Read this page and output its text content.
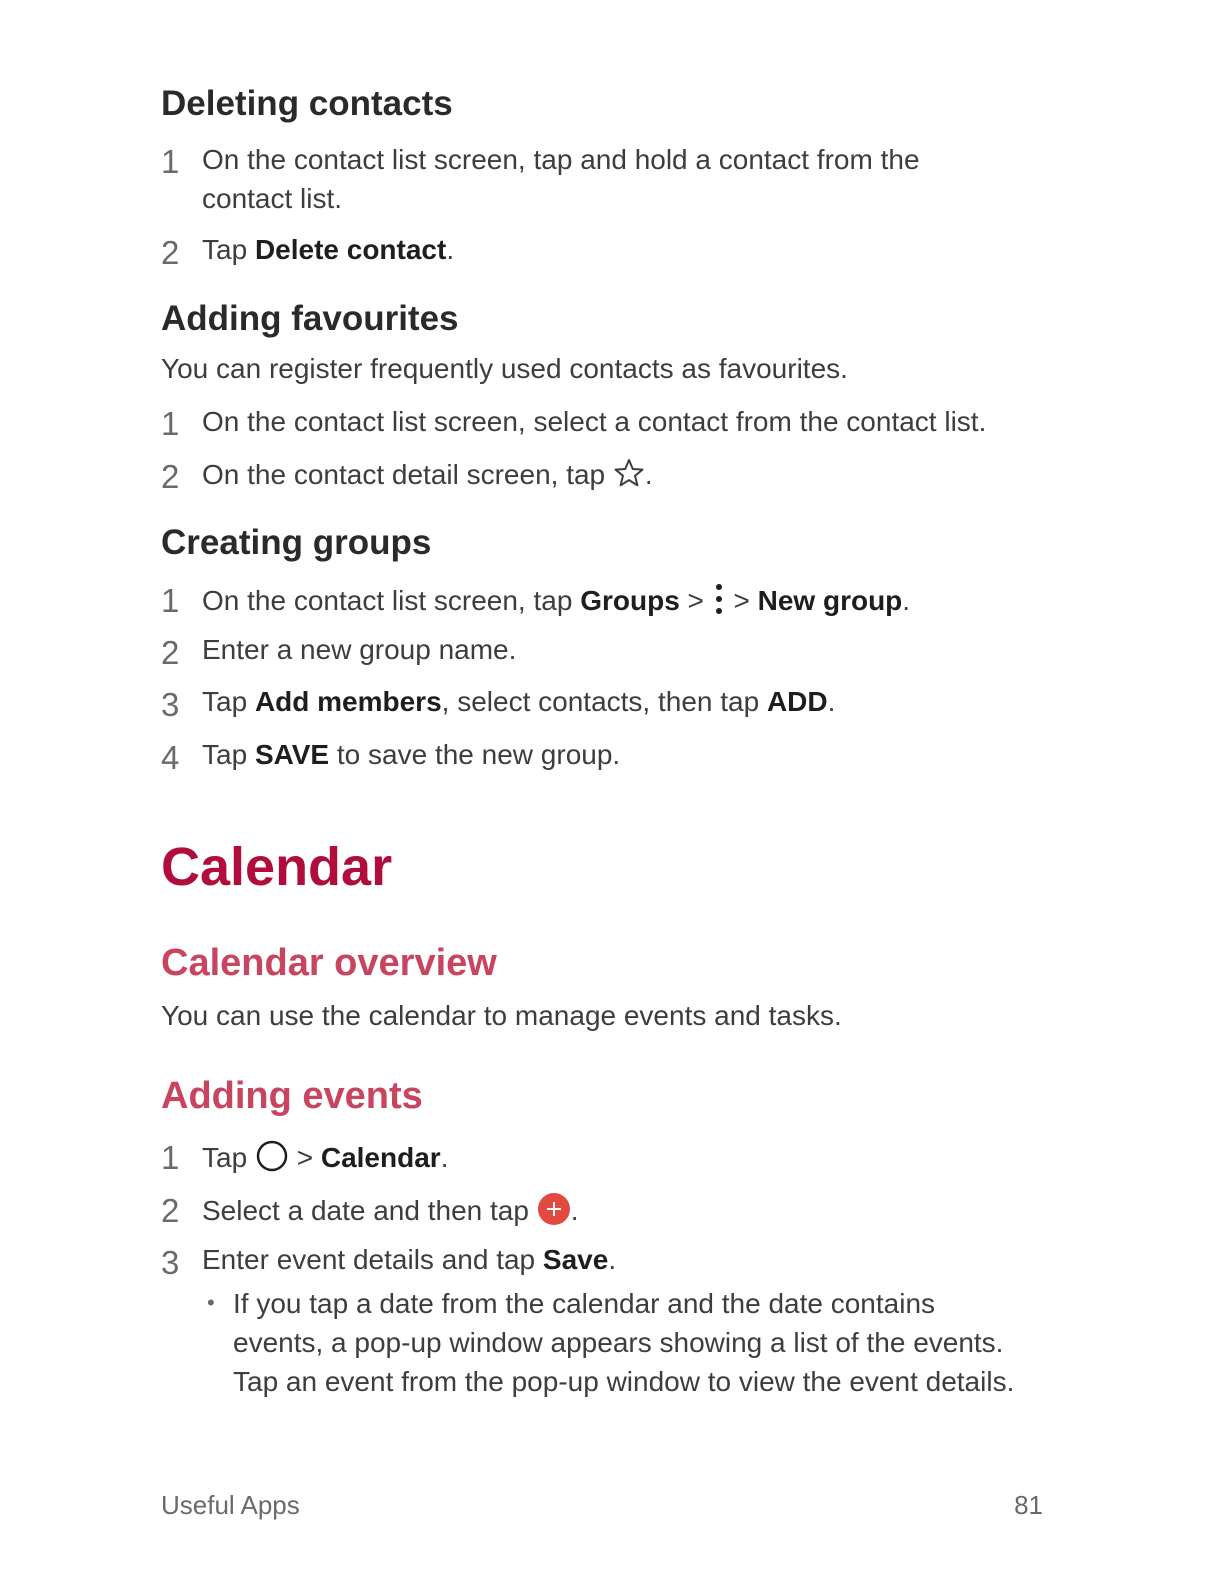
Deleting contacts
1 On the contact list screen, tap and hold a contact from the
contact list.
2 Tap Delete contact.
Adding favourites
You can register frequently used contacts as favourites.
1 On the contact list screen, select a contact from the contact list.
2 On the contact detail screen, tap .
Creating groups
1 On the contact list screen, tap Groups >  > New group.
2 Enter a new group name.
3 Tap Add members, select contacts, then tap ADD.
4 Tap SAVE to save the new group.
Calendar
Calendar overview
You can use the calendar to manage events and tasks.
Adding events
1 Tap  > Calendar.
2 Select a date and then tap .
3 Enter event details and tap Save.
• If you tap a date from the calendar and the date contains
events, a pop-up window appears showing a list of the events.
Tap an event from the pop-up window to view the event details.
Useful Apps	81
